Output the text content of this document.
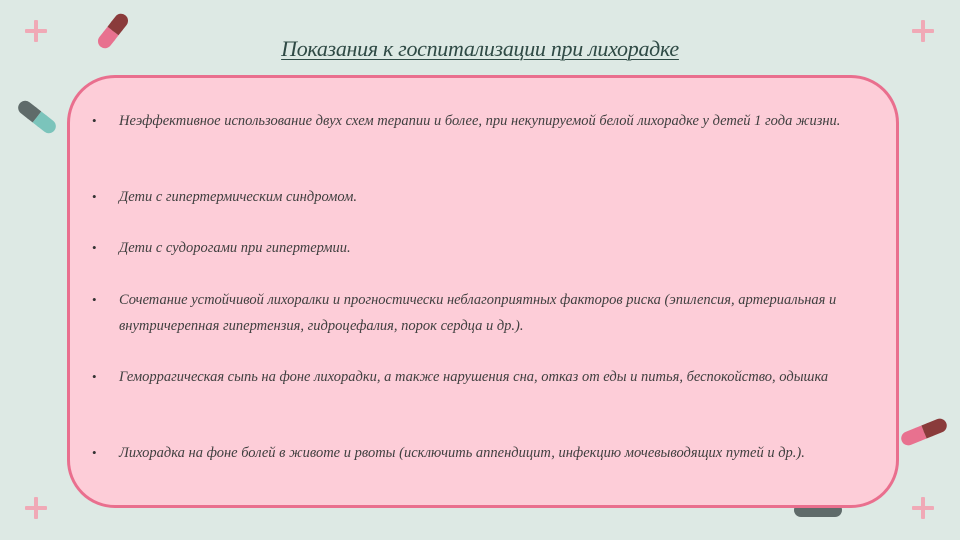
Показания к госпитализации при лихорадке
•	Неэффективное использование двух схем терапии и более, при некупируемой белой лихорадке у детей 1 года жизни.
•	Дети с гипертермическим синдромом.
•	Дети с судорогами при гипертермии.
•	Сочетание устойчивой лихоралки и прогностически неблагоприятных факторов риска (эпилепсия, артериальная и внутричерепная гипертензия, гидроцефалия, порок сердца и др.).
•	Геморрагическая сыпь на фоне лихорадки, а также нарушения сна, отказ от еды и питья, беспокойство, одышка
•	Лихорадка на фоне болей в животе и рвоты (исключить аппендицит, инфекцию мочевыводящих путей и др.).
